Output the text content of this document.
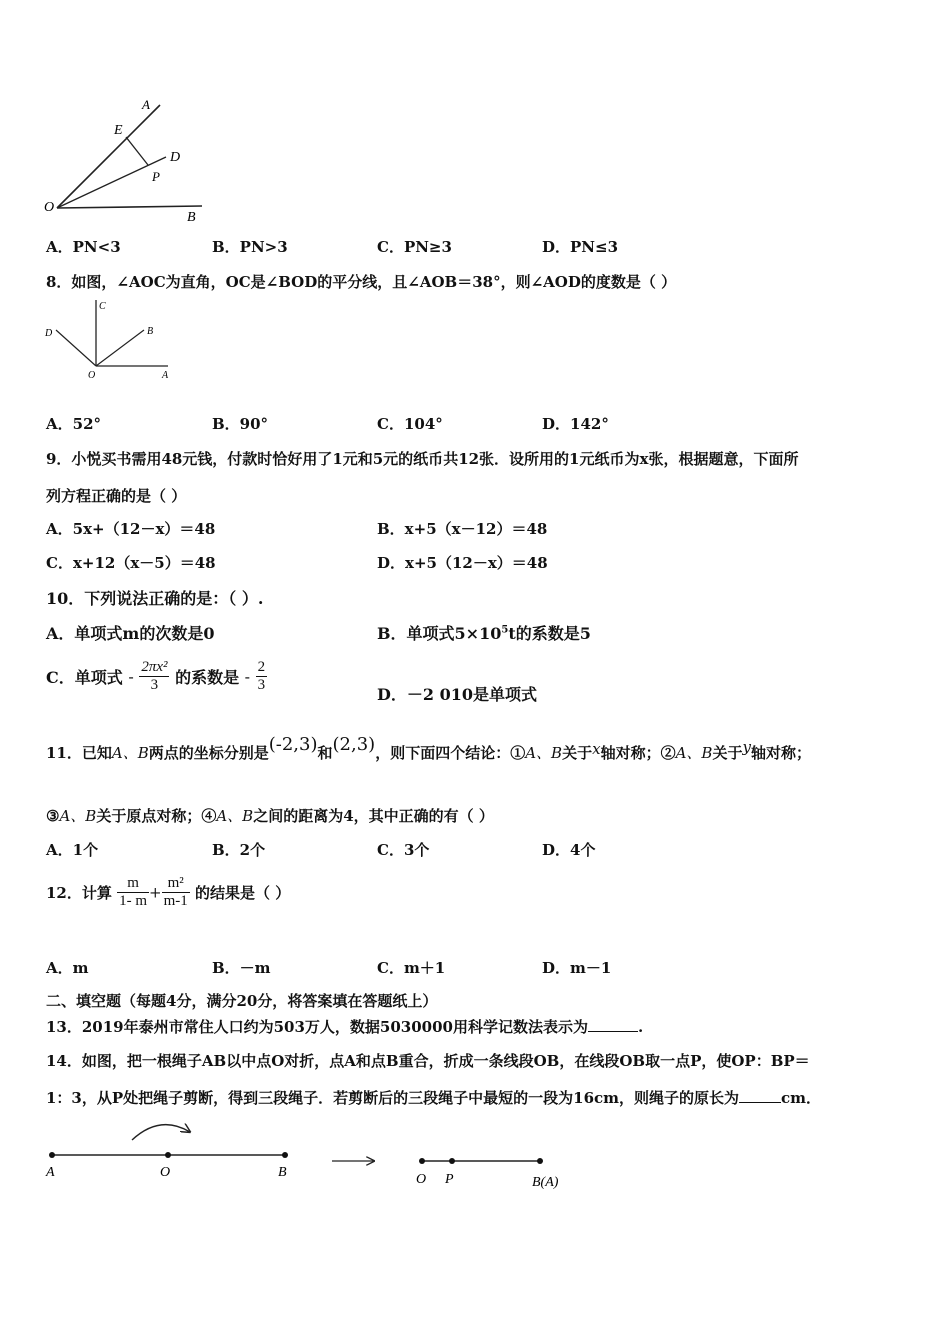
A
E
D
P
O
B
A．PN<3	B．PN>3	C．PN≥3	D．PN≤3
8．如图，∠AOC为直角，OC是∠BOD的平分线，且∠AOB＝38°，则∠AOD的度数是（ ）
C
D	B
O	A
A．52°	B．90°	C．104°	D．142°
9．小悦买书需用48元钱，付款时恰好用了1元和5元的纸币共12张．设所用的1元纸币为x张，根据题意，下面所
列方程正确的是（ ）
A．5x+（12－x）＝48	B．x+5（x－12）＝48
C．x+12（x－5）＝48	D．x+5（12－x）＝48
10．下列说法正确的是：（ ）.
A．单项式m的次数是0	B．单项式$5\times 10^5t$的系数是5
C．单项式 - $\frac{\text{2πx²}}{3}$ 的系数是 - $\frac{2}{3}$
D．－2 010是单项式
11．已知A、B两点的坐标分别是(-2,3)和(2,3)，则下面四个结论：①A、B关于x轴对称；②A、B关于y轴对称；
③A、B关于原点对称；④A、B之间的距离为4，其中正确的有（ ）
A．1个	B．2个	C．3个	D．4个
12．计算 $\frac{m}{1- m} + \frac{\text{m²}}{m-1}$ 的结果是（ ）
A．m	B．－m	C．m＋1	D．m－1
二、填空题（每题4分，满分20分，将答案填在答题纸上）
13．2019年泰州市常住人口约为503万人，数据5030000用科学记数法表示为	.
14．如图，把一根绳子AB以中点O对折，点A和点B重合，折成一条线段OB，在线段OB取一点P，使OP：BP＝
1：3，从P处把绳子剪断，得到三段绳子．若剪断后的三段绳子中最短的一段为16cm，则绳子的原长为	cm．
A	O	B	O P	B(A)
